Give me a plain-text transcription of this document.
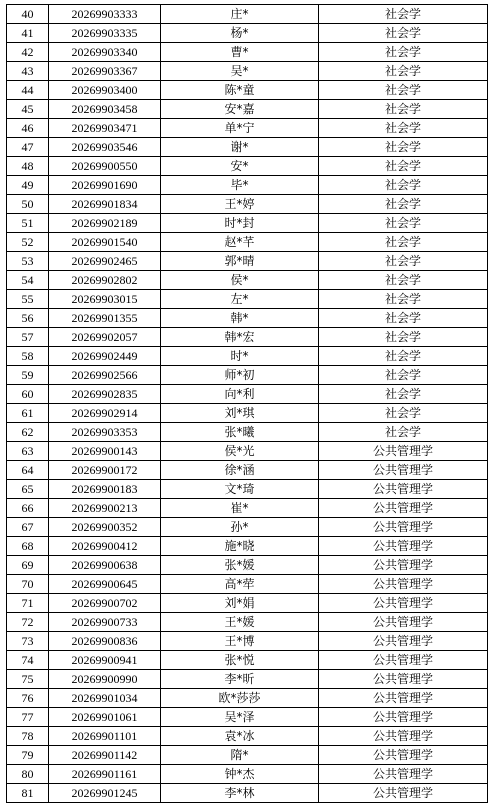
40	20269903333	庄*	社会学
41	20269903335	杨*	社会学
42	20269903340	曹*	社会学
43	20269903367	吴*	社会学
44	20269903400	陈*童	社会学
45	20269903458	安*嘉	社会学
46	20269903471	单*宁	社会学
47	20269903546	谢*	社会学
48	20269900550	安*	社会学
49	20269901690	毕*	社会学
50	20269901834	王*婷	社会学
51	20269902189	时*封	社会学
52	20269901540	赵*芊	社会学
53	20269902465	郭*晴	社会学
54	20269902802	侯*	社会学
55	20269903015	左*	社会学
56	20269901355	韩*	社会学
57	20269902057	韩*宏	社会学
58	20269902449	时*	社会学
59	20269902566	师*初	社会学
60	20269902835	向*利	社会学
61	20269902914	刘*琪	社会学
62	20269903353	张*曦	社会学
63	20269900143	侯*光	公共管理学
64	20269900172	徐*涵	公共管理学
65	20269900183	文*琦	公共管理学
66	20269900213	崔*	公共管理学
67	20269900352	孙*	公共管理学
68	20269900412	施*晓	公共管理学
69	20269900638	张*媛	公共管理学
70	20269900645	高*荦	公共管理学
71	20269900702	刘*娟	公共管理学
72	20269900733	王*媛	公共管理学
73	20269900836	王*博	公共管理学
74	20269900941	张*悦	公共管理学
75	20269900990	李*昕	公共管理学
76	20269901034	欧*莎莎	公共管理学
77	20269901061	吴*泽	公共管理学
78	20269901101	袁*冰	公共管理学
79	20269901142	隋*	公共管理学
80	20269901161	钟*杰	公共管理学
81	20269901245	李*林	公共管理学
